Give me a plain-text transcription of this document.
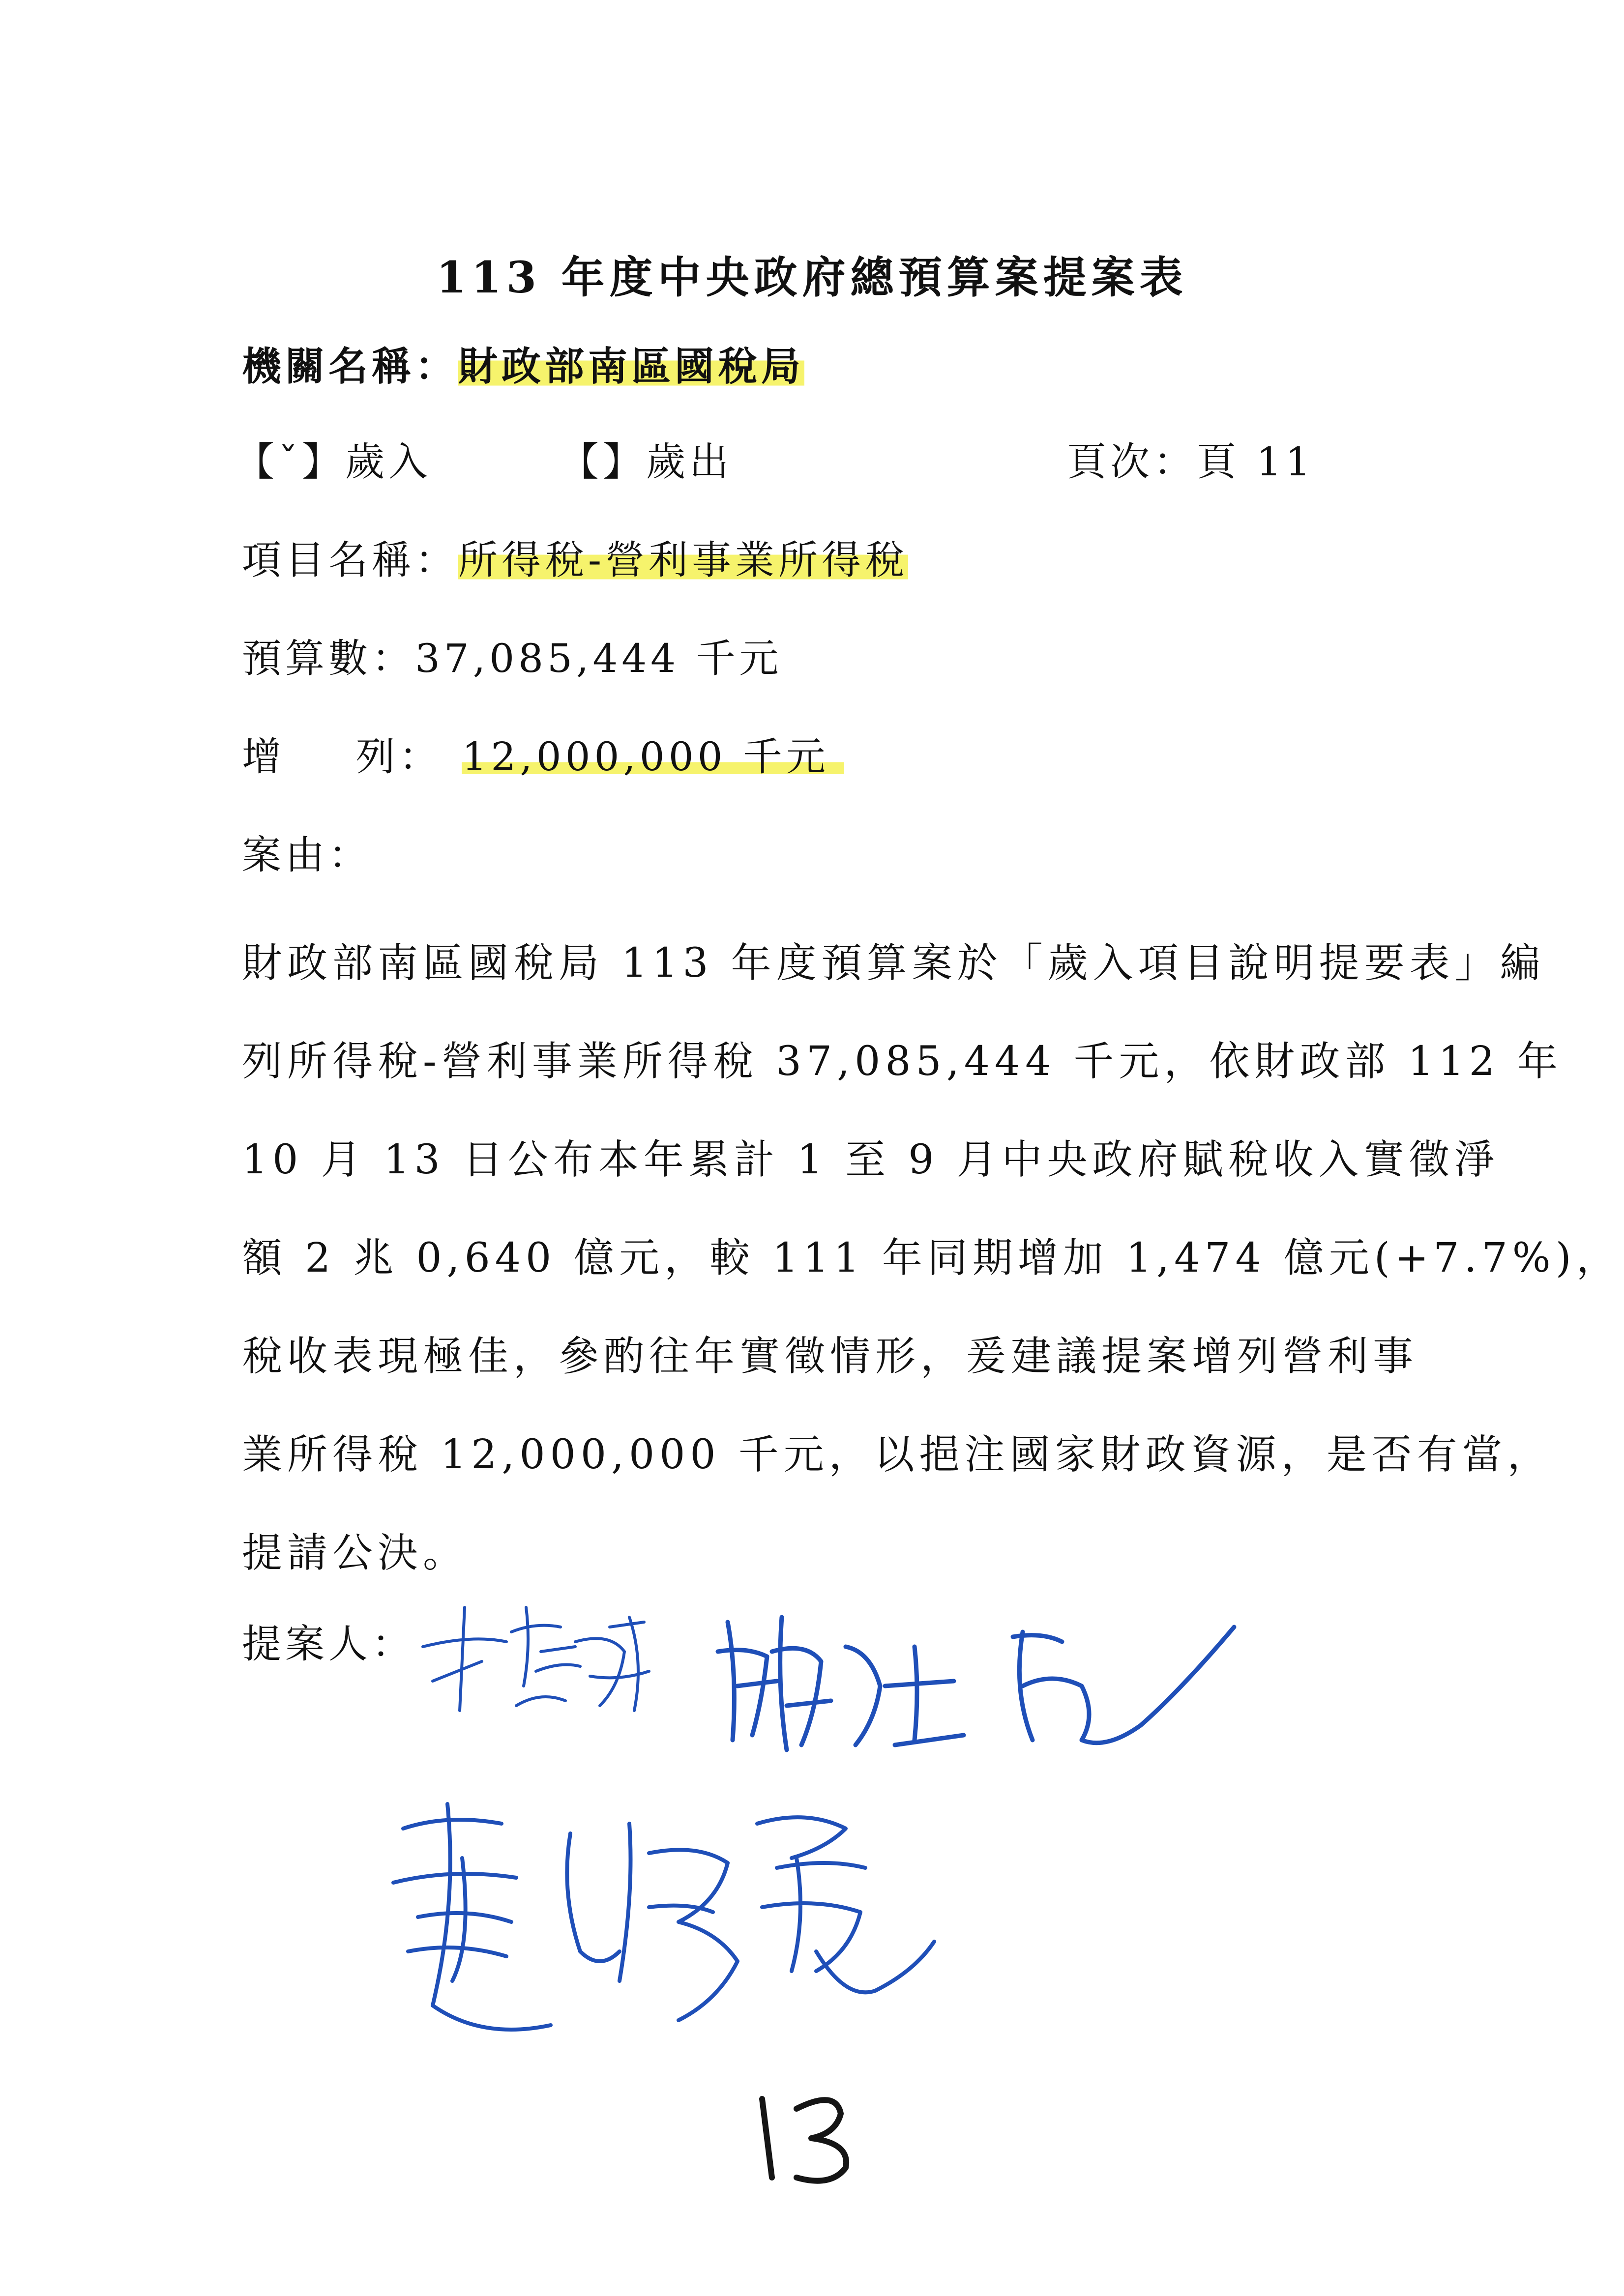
113 年度中央政府總預算案提案表
機關名稱：財政部南區國稅局
【ˇ】歲入	【】歲出	頁次：頁 11
項目名稱：所得稅-營利事業所得稅
預算數：37,085,444 千元
增 列： 12,000,000 千元
案由：
財政部南區國稅局 113 年度預算案於「歲入項目說明提要表」編
列所得稅-營利事業所得稅 37,085,444 千元，依財政部 112 年
10 月 13 日公布本年累計 1 至 9 月中央政府賦稅收入實徵淨
額 2 兆 0,640 億元，較 111 年同期增加 1,474 億元(+7.7%)，
稅收表現極佳，參酌往年實徵情形，爰建議提案增列營利事
業所得稅 12,000,000 千元，以挹注國家財政資源，是否有當，
提請公決。
提案人：
